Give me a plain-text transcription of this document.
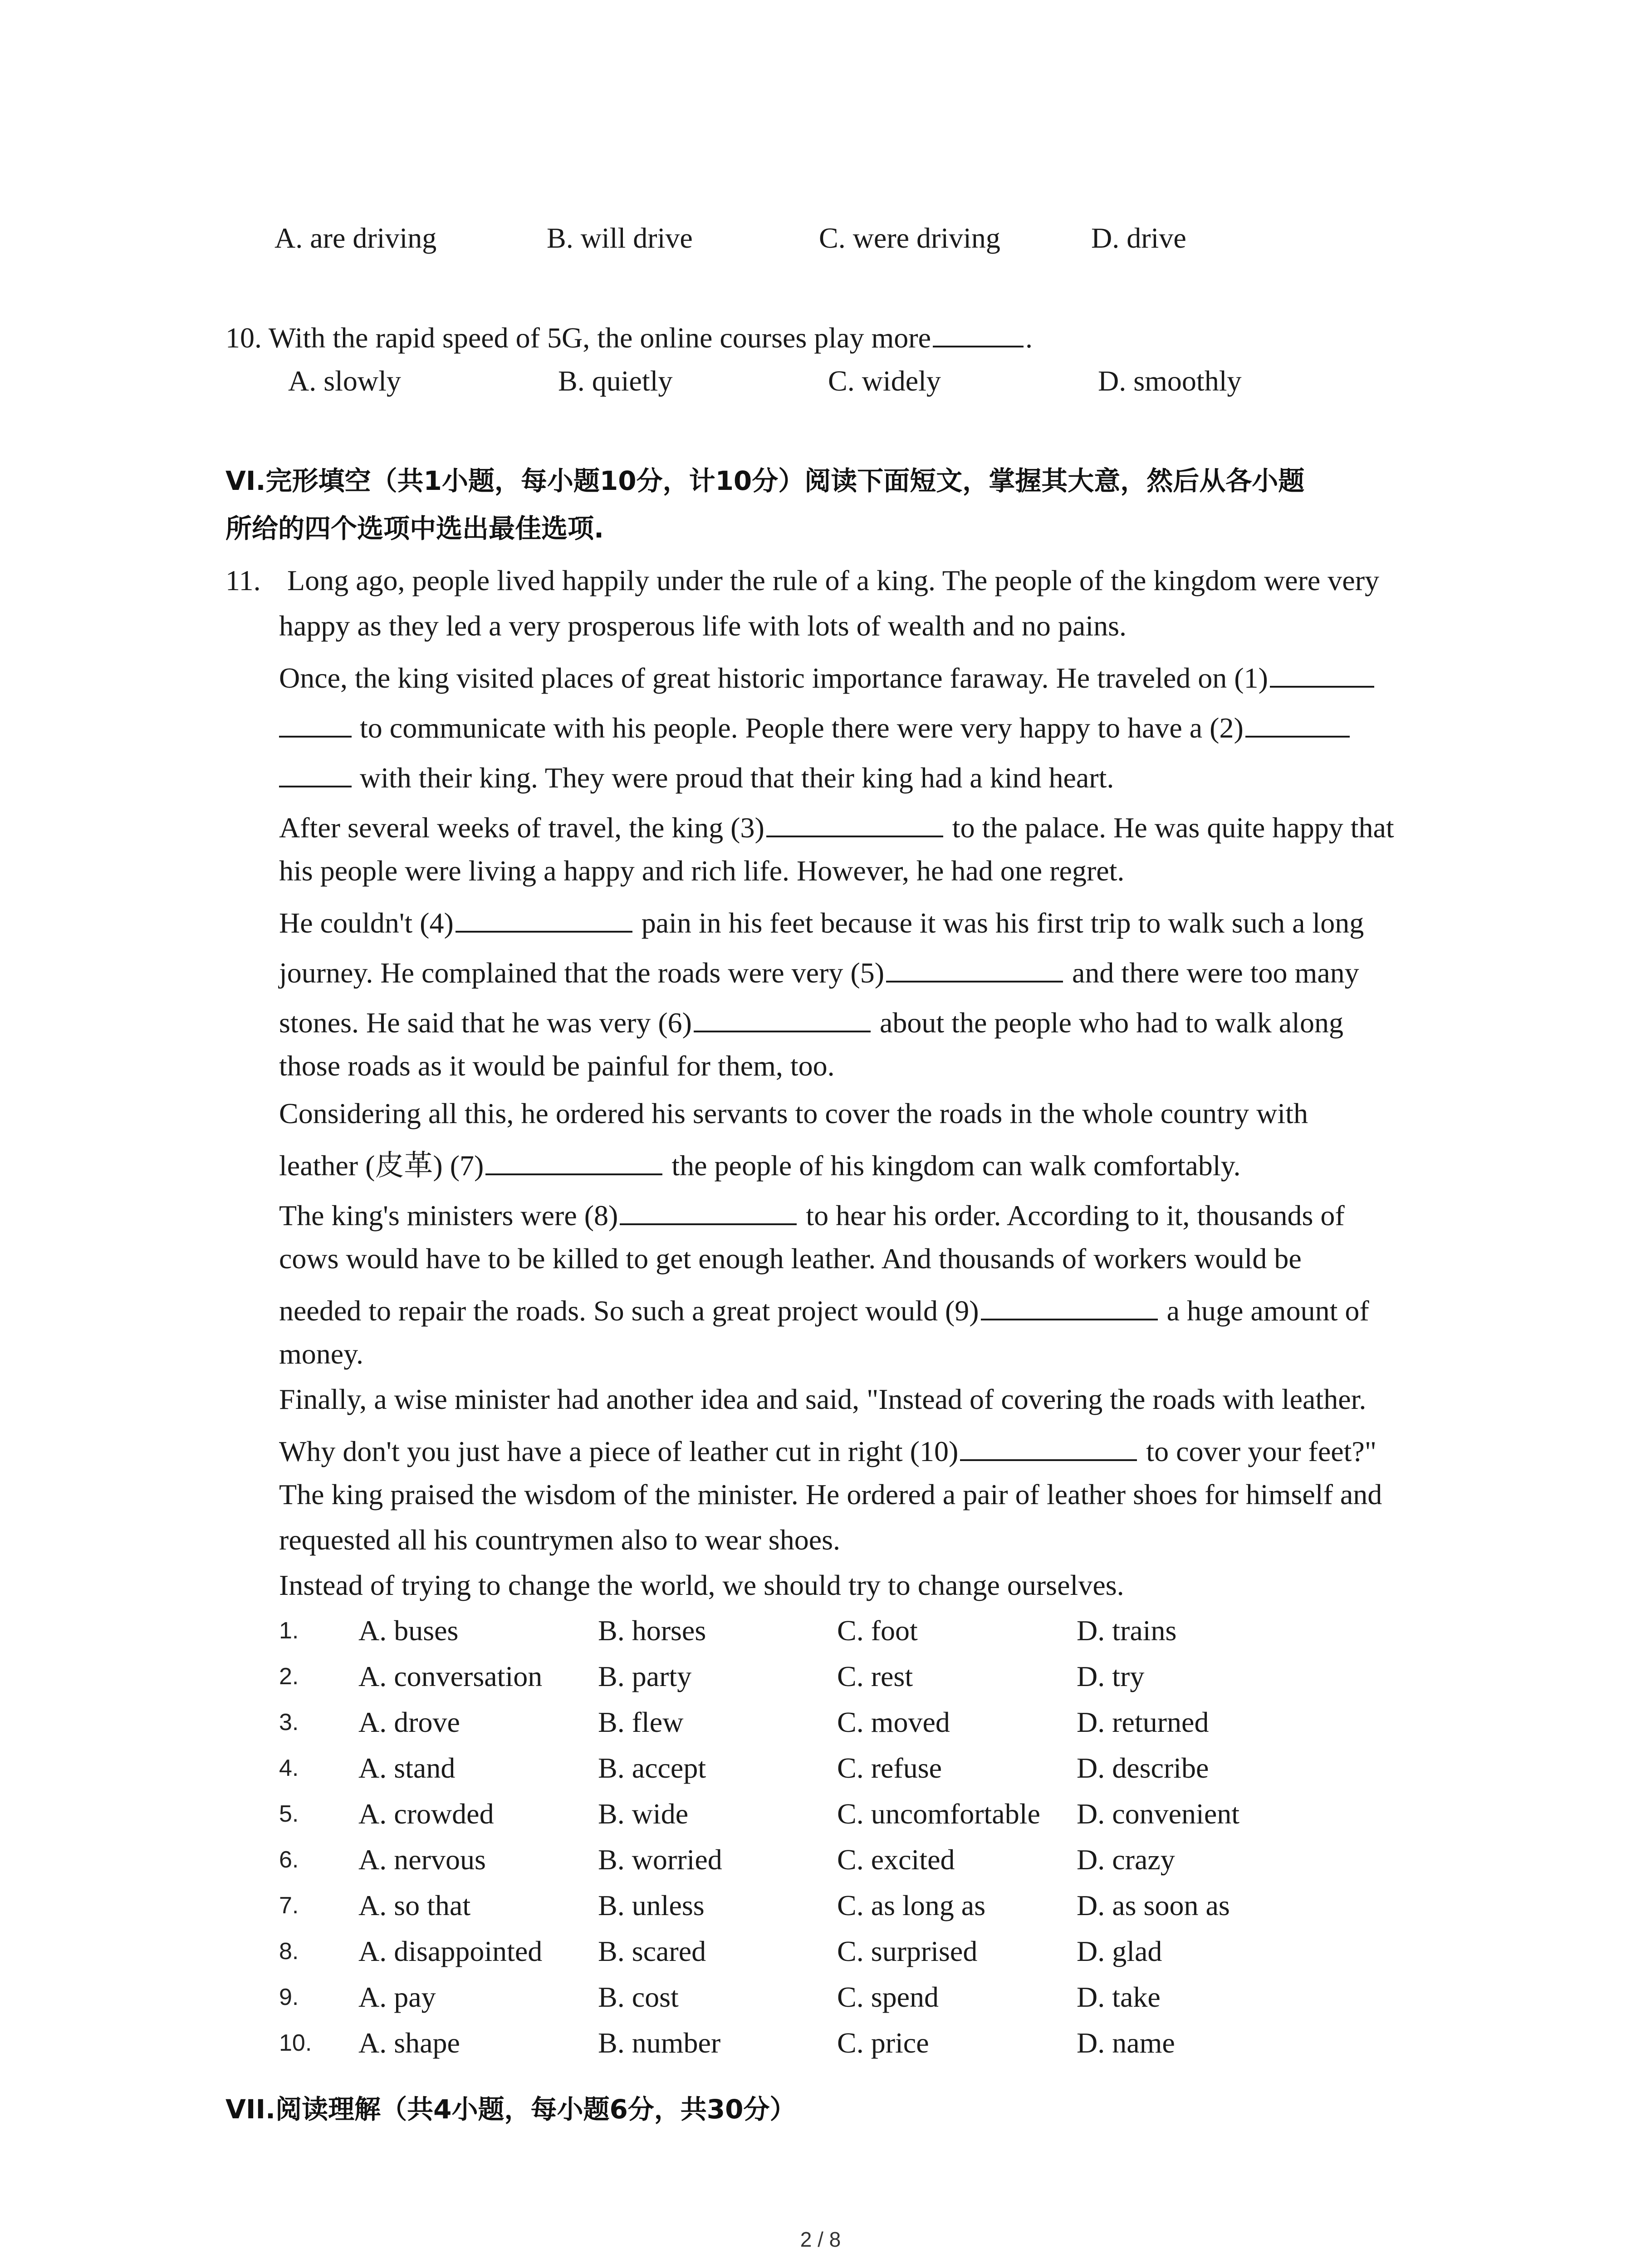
A. are driving	B. will drive	C. were driving	D. drive
10. With the rapid speed of 5G, the online courses play more	.
A. slowly	B. quietly	C. widely	D. smoothly
VI.完形填空（共1小题，每小题10分，计10分）阅读下面短文，掌握其大意，然后从各小题
所给的四个选项中选出最佳选项.
11. Long ago, people lived happily under the rule of a king. The people of the kingdom were very
happy as they led a very prosperous life with lots of wealth and no pains.
Once, the king visited places of great historic importance faraway. He traveled on (1)
to communicate with his people. People there were very happy to have a (2)
with their king. They were proud that their king had a kind heart.
After several weeks of travel, the king (3)	to the palace. He was quite happy that
his people were living a happy and rich life. However, he had one regret.
He couldn't (4)	pain in his feet because it was his first trip to walk such a long
journey. He complained that the roads were very (5)	and there were too many
stones. He said that he was very (6)	about the people who had to walk along
those roads as it would be painful for them, too.
Considering all this, he ordered his servants to cover the roads in the whole country with
leather (皮革) (7)	the people of his kingdom can walk comfortably.
The king's ministers were (8)	to hear his order. According to it, thousands of
cows would have to be killed to get enough leather. And thousands of workers would be
needed to repair the roads. So such a great project would (9)	a huge amount of
money.
Finally, a wise minister had another idea and said, "Instead of covering the roads with leather.
Why don't you just have a piece of leather cut in right (10)	to cover your feet?"
The king praised the wisdom of the minister. He ordered a pair of leather shoes for himself and
requested all his countrymen also to wear shoes.
Instead of trying to change the world, we should try to change ourselves.
1. A. buses	B. horses	C. foot	D. trains
2. A. conversation B. party	C. rest	D. try
3. A. drove	B. flew	C. moved	D. returned
4. A. stand	B. accept	C. refuse	D. describe
5. A. crowded	B. wide	C. uncomfortable D. convenient
6. A. nervous	B. worried	C. excited	D. crazy
7. A. so that	B. unless	C. as long as	D. as soon as
8. A. disappointed B. scared	C. surprised	D. glad
9. A. pay	B. cost	C. spend	D. take
10. A. shape	B. number	C. price	D. name
VII.阅读理解（共4小题，每小题6分，共30分）
2 / 8
